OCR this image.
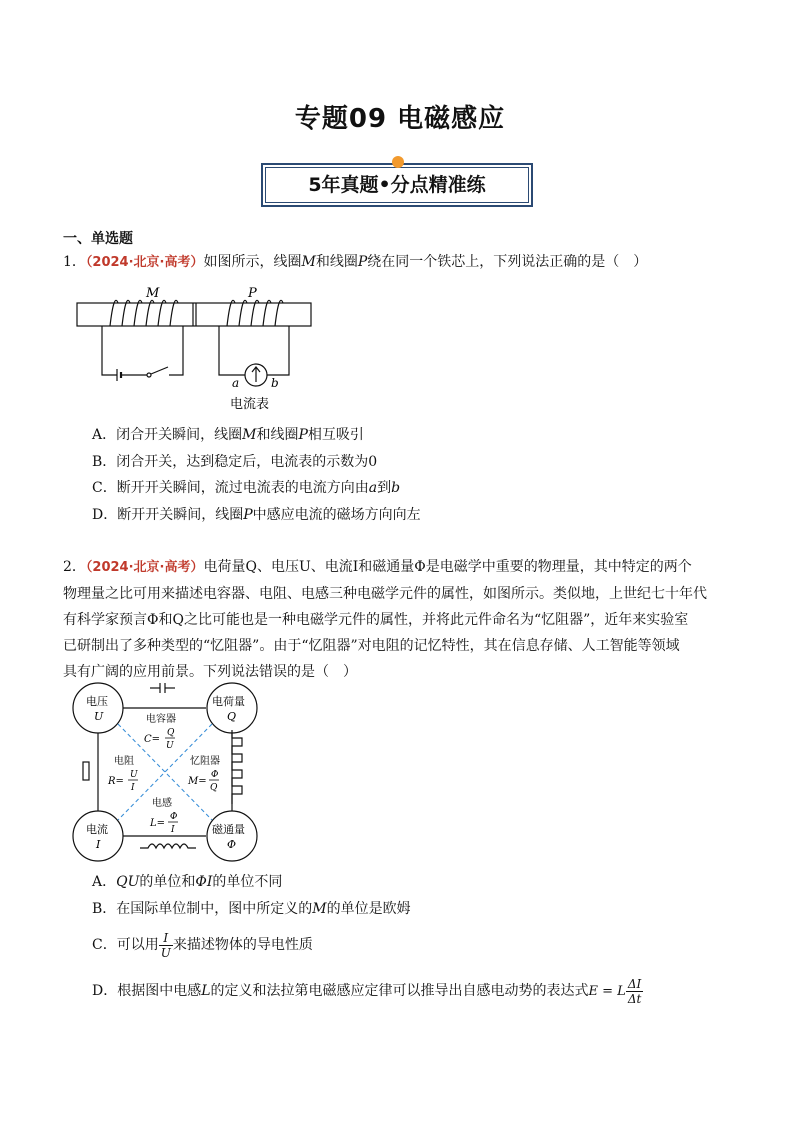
专题09 电磁感应
5年真题•分点精准练
一、单选题
1．（2024·北京·高考）如图所示，线圈M和线圈P绕在同一个铁芯上，下列说法正确的是（　）
M	P
a	b
电流表
A．闭合开关瞬间，线圈M和线圈P相互吸引
B．闭合开关，达到稳定后，电流表的示数为0
C．断开开关瞬间，流过电流表的电流方向由a到b
D．断开开关瞬间，线圈P中感应电流的磁场方向向左
2．（2024·北京·高考）电荷量Q、电压U、电流I和磁通量Φ是电磁学中重要的物理量，其中特定的两个
物理量之比可用来描述电容器、电阻、电感三种电磁学元件的属性，如图所示。类似地，上世纪七十年代
有科学家预言Φ和Q之比可能也是一种电磁学元件的属性，并将此元件命名为“忆阻器”，近年来实验室
已研制出了多种类型的“忆阻器”。由于“忆阻器”对电阻的记忆特性，其在信息存储、人工智能等领域
具有广阔的应用前景。下列说法错误的是（　）
电压
U
电荷量
Q
电流
I
磁通量
Φ
电容器
C=
Q
U
电阻
R=
U
I
忆阻器
M=
Φ
Q
电感
L=
Φ
I
A．QU的单位和ΦI的单位不同
B．在国际单位制中，图中所定义的M的单位是欧姆
C．可以用 $\frac{I}{U}$ 来描述物体的导电性质
D．根据图中电感L的定义和法拉第电磁感应定律可以推导出自感电动势的表达式E = L $\frac{\Delta I}{\Delta t}$
